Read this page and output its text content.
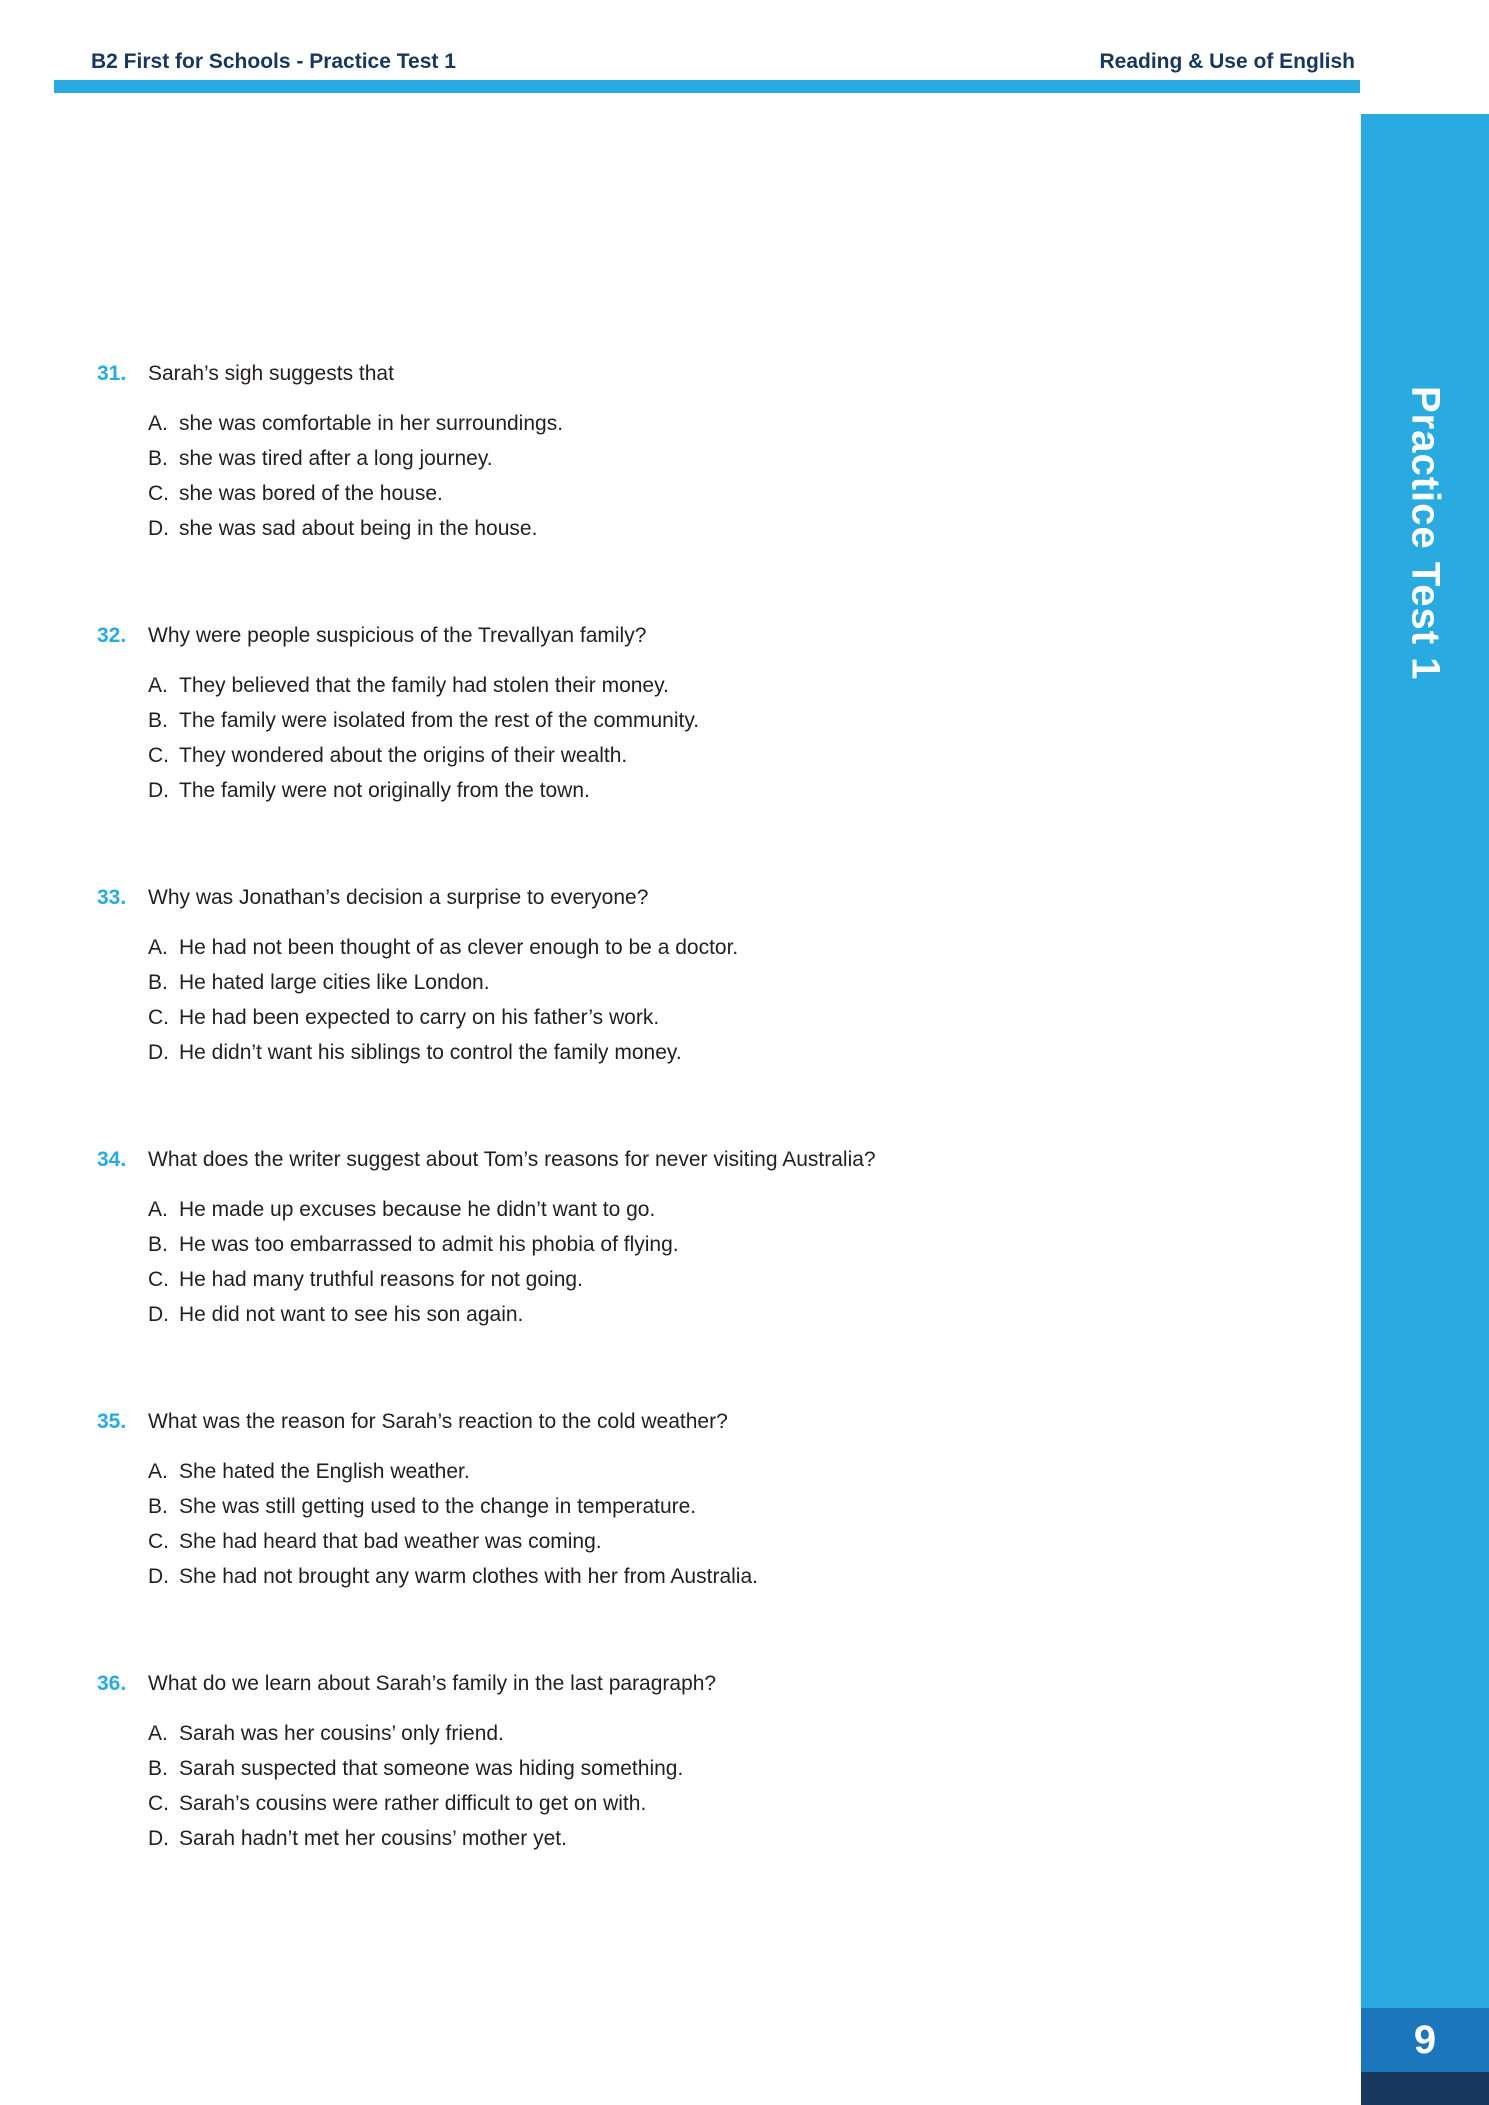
B2 First for Schools - Practice Test 1	Reading & Use of English
Practice Test 1
9
31.	Sarah’s sigh suggests that
A. she was comfortable in her surroundings.
B. she was tired after a long journey.
C. she was bored of the house.
D. she was sad about being in the house.
32.	Why were people suspicious of the Trevallyan family?
A. They believed that the family had stolen their money.
B. The family were isolated from the rest of the community.
C. They wondered about the origins of their wealth.
D. The family were not originally from the town.
33.	Why was Jonathan’s decision a surprise to everyone?
A. He had not been thought of as clever enough to be a doctor.
B. He hated large cities like London.
C. He had been expected to carry on his father’s work.
D. He didn’t want his siblings to control the family money.
34.	What does the writer suggest about Tom’s reasons for never visiting Australia?
A. He made up excuses because he didn’t want to go.
B. He was too embarrassed to admit his phobia of flying.
C. He had many truthful reasons for not going.
D. He did not want to see his son again.
35.	What was the reason for Sarah’s reaction to the cold weather?
A. She hated the English weather.
B. She was still getting used to the change in temperature.
C. She had heard that bad weather was coming.
D. She had not brought any warm clothes with her from Australia.
36.	What do we learn about Sarah’s family in the last paragraph?
A. Sarah was her cousins’ only friend.
B. Sarah suspected that someone was hiding something.
C. Sarah’s cousins were rather difficult to get on with.
D. Sarah hadn’t met her cousins’ mother yet.
